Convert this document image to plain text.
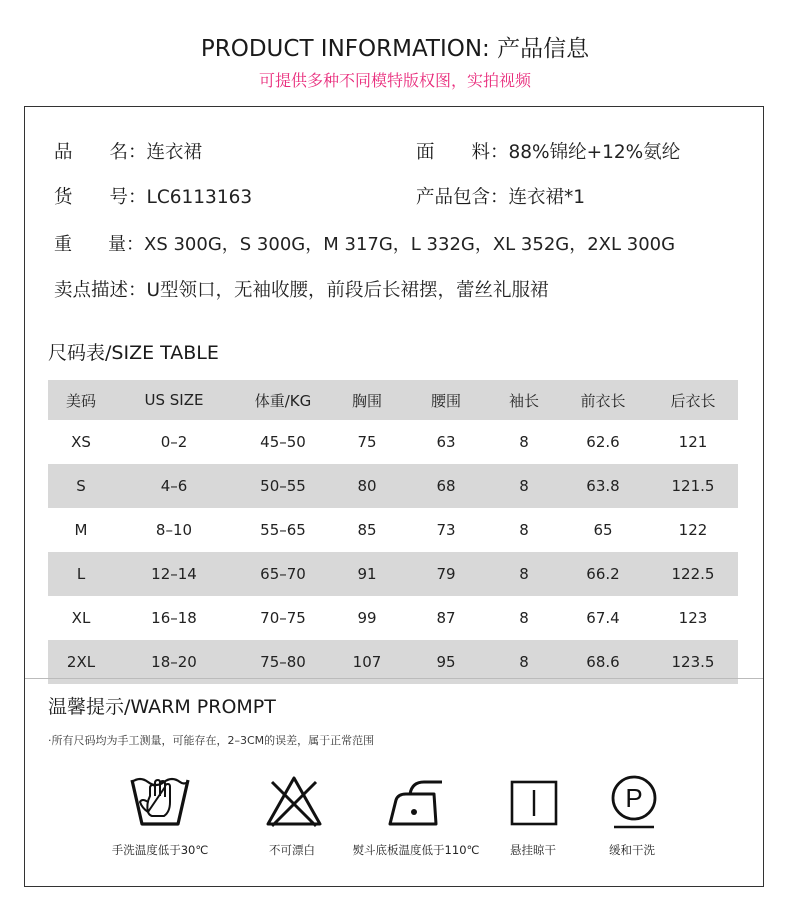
PRODUCT INFORMATION: 产品信息
可提供多种不同模特版权图，实拍视频
品　　名：连衣裙	面　　料：88%锦纶+12%氨纶
货　　号：LC6113163	产品包含：连衣裙*1
重　　量：XS 300G，S 300G，M 317G，L 332G，XL 352G，2XL 300G
卖点描述：U型领口，无袖收腰，前段后长裙摆，蕾丝礼服裙
尺码表/SIZE TABLE
美码	US SIZE	体重/KG	胸围	腰围	袖长	前衣长	后衣长
XS	0–2	45–50	75	63	8	62.6	121
S	4–6	50–55	80	68	8	63.8	121.5
M	8–10	55–65	85	73	8	65	122
L	12–14	65–70	91	79	8	66.2	122.5
XL	16–18	70–75	99	87	8	67.4	123
2XL	18–20	75–80	107	95	8	68.6	123.5
温馨提示/WARM PROMPT
·所有尺码均为手工测量，可能存在，2–3CM的误差，属于正常范围
P
手洗温度低于30℃	不可漂白	熨斗底板温度低于110℃	悬挂晾干	缓和干洗
